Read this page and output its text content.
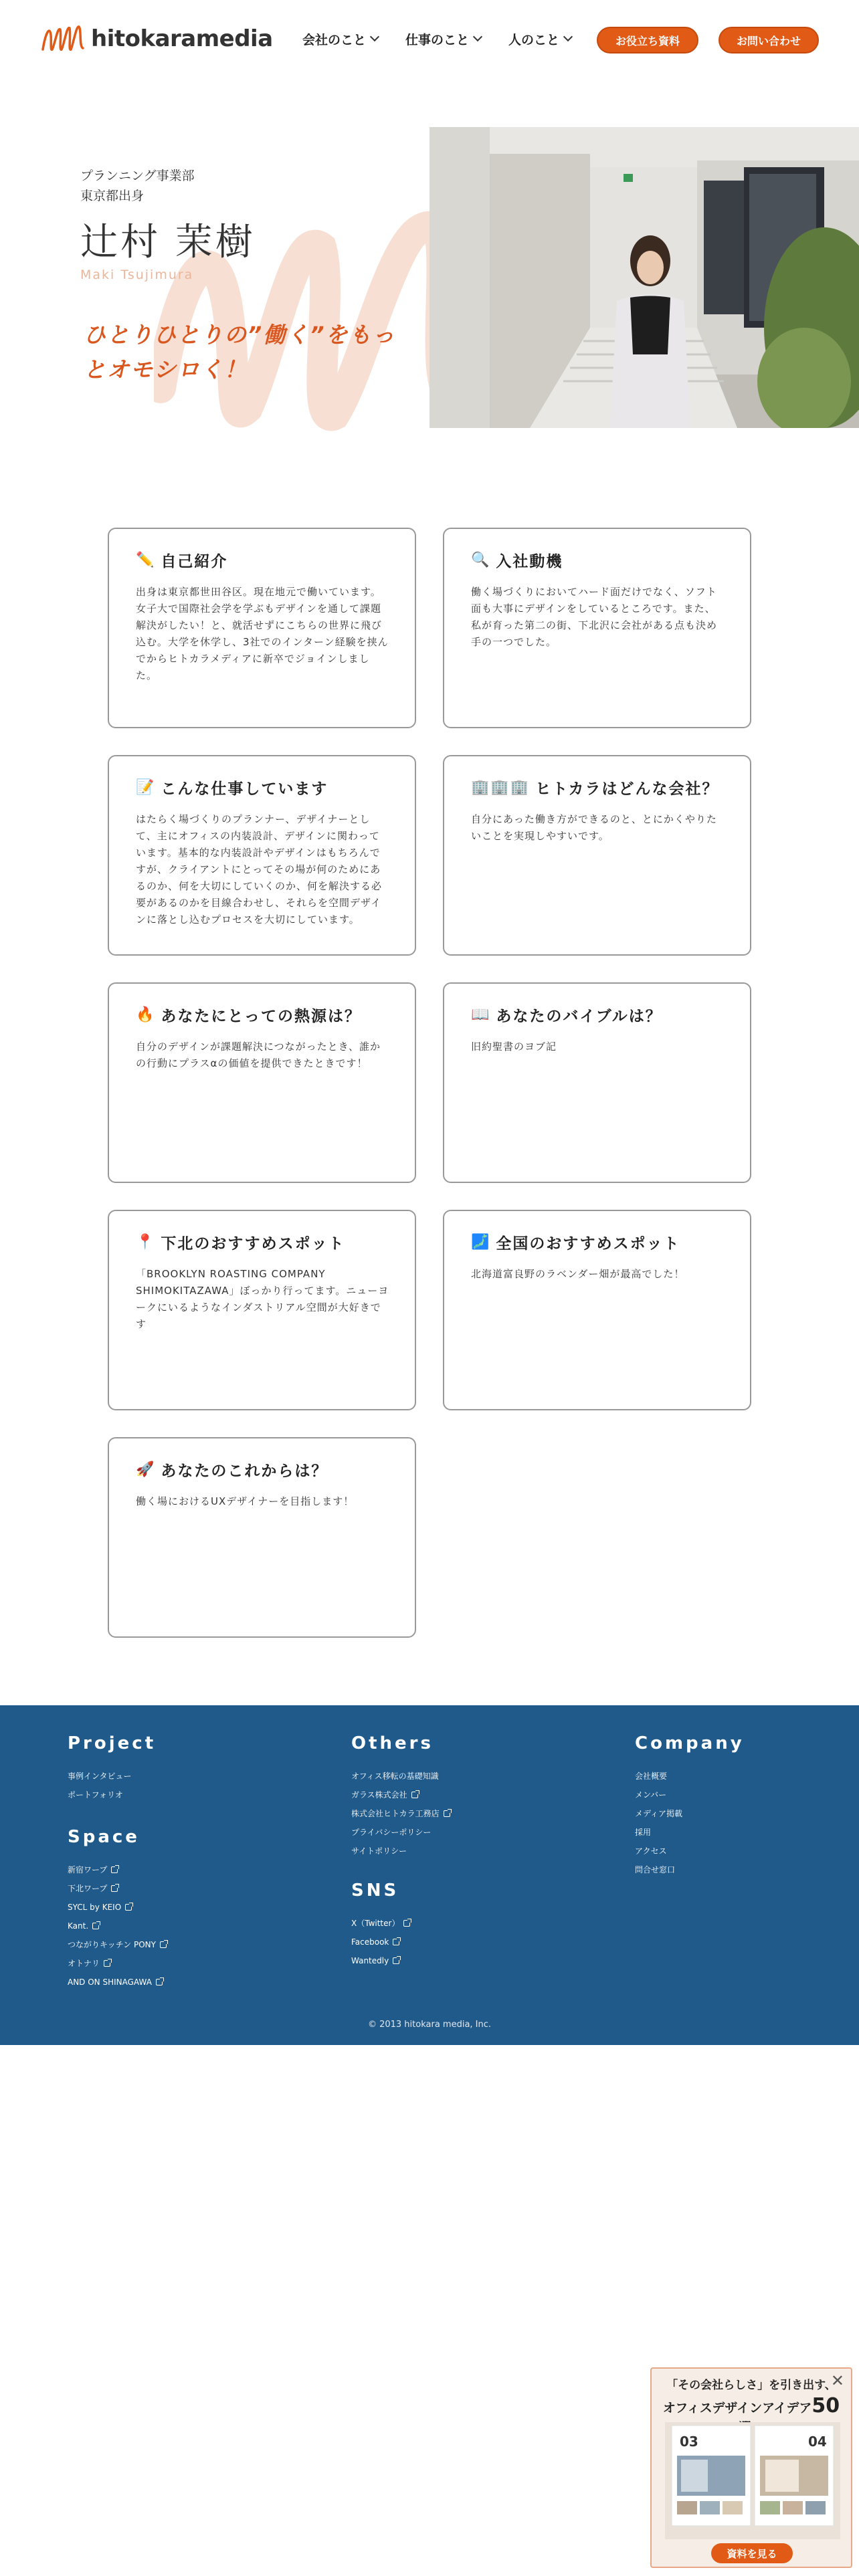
hitokaramedia 会社のこと	仕事のこと	人のこと	お役立ち資料	お問い合わせ
プランニング事業部
東京都出身
辻村 茉樹
Maki Tsujimura
ひとりひとりの”働く”をもっとオモシロく！
✏️ 自己紹介
出身は東京都世田谷区。現在地元で働いています。女子大で国際社会学を学ぶもデザインを通して課題解決がしたい！と、就活せずにこちらの世界に飛び込む。大学を休学し、3社でのインターン経験を挟んでからヒトカラメディアに新卒でジョインしました。
🔍 入社動機
働く場づくりにおいてハード面だけでなく、ソフト面も大事にデザインをしているところです。また、私が育った第二の街、下北沢に会社がある点も決め手の一つでした。
📝 こんな仕事しています
はたらく場づくりのプランナー、デザイナーとして、主にオフィスの内装設計、デザインに関わっています。基本的な内装設計やデザインはもちろんですが、クライアントにとってその場が何のためにあるのか、何を大切にしていくのか、何を解決する必要があるのかを目線合わせし、それらを空間デザインに落とし込むプロセスを大切にしています。
🏢🏢🏢 ヒトカラはどんな会社？
自分にあった働き方ができるのと、とにかくやりたいことを実現しやすいです。
🔥 あなたにとっての熱源は？
自分のデザインが課題解決につながったとき、誰かの行動にプラスαの価値を提供できたときです！
📖 あなたのバイブルは？
旧約聖書のヨブ記
📍 下北のおすすめスポット
「BROOKLYN ROASTING COMPANY SHIMOKITAZAWA」ぼっかり行ってます。ニューヨークにいるようなインダストリアル空間が大好きです
🗾 全国のおすすめスポット
北海道富良野のラベンダー畑が最高でした！
🚀 あなたのこれからは？
働く場におけるUXデザイナーを目指します！
Project
事例インタビュー
ポートフォリオ
Space
新宿ワープ
下北ワープ
SYCL by KEIO
Kant.
つながりキッチン PONY
オトナリ
AND ON SHINAGAWA
Others
オフィス移転の基礎知識
ガラス株式会社
株式会社ヒトカラ工務店
プライバシーポリシー
サイトポリシー
SNS
X（Twitter）
Facebook
Wantedly
Company
会社概要
メンバー
メディア掲載
採用
アクセス
問合せ窓口
© 2013 hitokara media, Inc.
✕
「その会社らしさ」を引き出す、
オフィスデザインアイデア50
03	04
資料を見る
